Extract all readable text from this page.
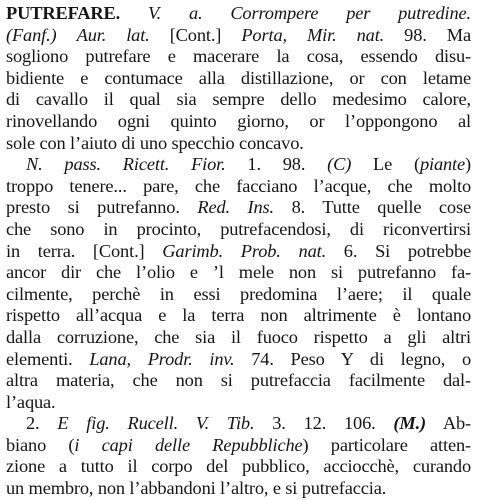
PUTREFARE. V. a. Corrompere per putredine.
(Fanf.) Aur. lat. [Cont.] Porta, Mir. nat. 98. Ma
sogliono putrefare e macerare la cosa, essendo disu-
bidiente e contumace alla distillazione, or con letame
di cavallo il qual sia sempre dello medesimo calore,
rinovellando ogni quinto giorno, or l’oppongono al
sole con l’aiuto di uno specchio concavo.
N. pass. Ricett. Fior. 1. 98. (C) Le (piante)
troppo tenere... pare, che facciano l’acque, che molto
presto si putrefanno. Red. Ins. 8. Tutte quelle cose
che sono in procinto, putrefacendosi, di riconvertirsi
in terra. [Cont.] Garimb. Prob. nat. 6. Si potrebbe
ancor dir che l’olio e ’l mele non si putrefanno fa-
cilmente, perchè in essi predomina l’aere; il quale
rispetto all’acqua e la terra non altrimente è lontano
dalla corruzione, che sia il fuoco rispetto a gli altri
elementi. Lana, Prodr. inv. 74. Peso Y di legno, o
altra materia, che non si putrefaccia facilmente dal-
l’aqua.
2. E fig. Rucell. V. Tib. 3. 12. 106. (M.) Ab-
biano (i capi delle Repubbliche) particolare atten-
zione a tutto il corpo del pubblico, acciocchè, curando
un membro, non l’abbandoni l’altro, e si putrefaccia.
